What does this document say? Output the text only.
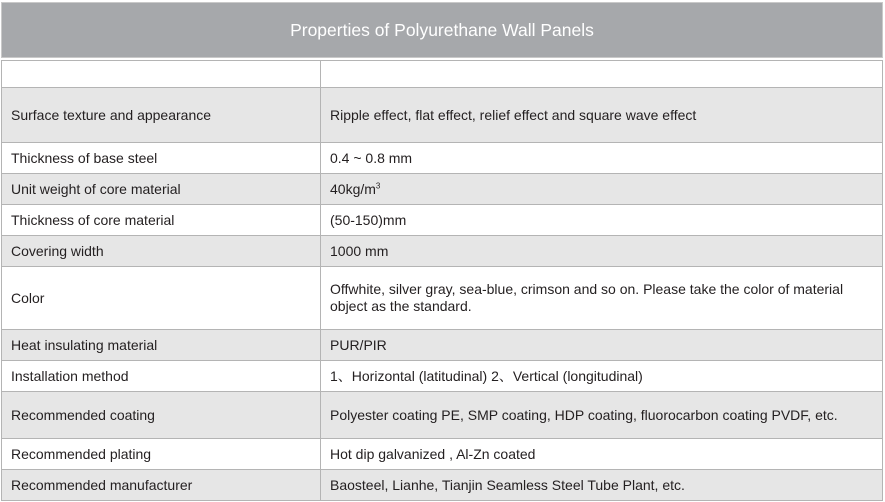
Properties of Polyurethane Wall Panels

Surface texture and appearance	Ripple effect, flat effect, relief effect and square wave effect
Thickness of base steel	0.4 ~ 0.8 mm
Unit weight of core material	$40kg/m^3$
Thickness of core material	(50-150)mm
Covering width	1000 mm
Color	Offwhite, silver gray, sea-blue, crimson and so on. Please take the color of material object as the standard.
Heat insulating material	PUR/PIR
Installation method	1、Horizontal (latitudinal) 2、Vertical (longitudinal)
Recommended coating	Polyester coating PE, SMP coating, HDP coating, fluorocarbon coating PVDF, etc.
Recommended plating	Hot dip galvanized , Al-Zn coated
Recommended manufacturer	Baosteel, Lianhe, Tianjin Seamless Steel Tube Plant, etc.
